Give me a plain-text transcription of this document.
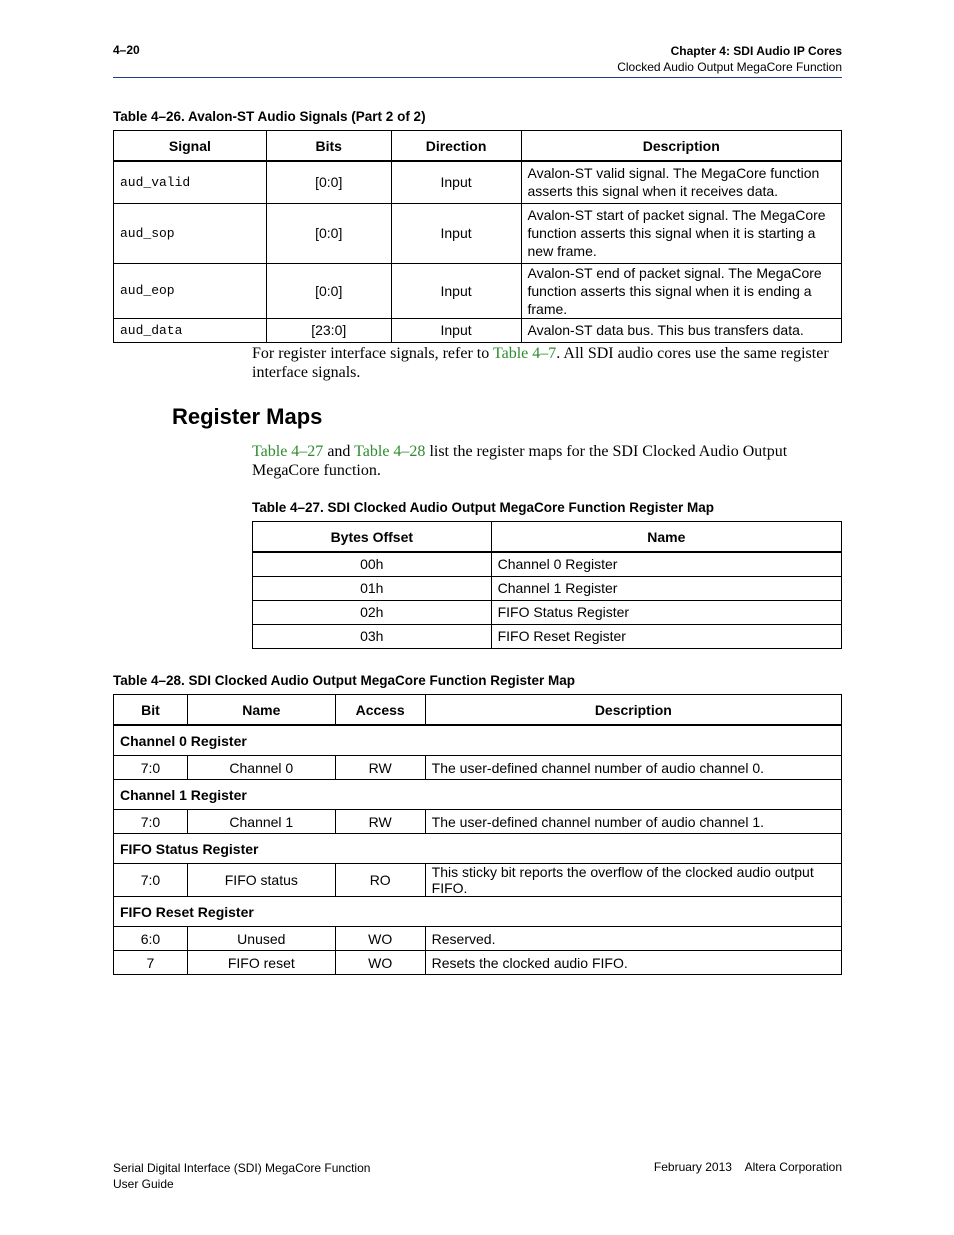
4–20	Chapter 4: SDI Audio IP Cores
Clocked Audio Output MegaCore Function
Table 4–26. Avalon-ST Audio Signals (Part 2 of 2)
Signal	Bits	Direction	Description
aud_valid	[0:0]	Input	Avalon-ST valid signal. The MegaCore function asserts this signal when it receives data.
aud_sop	[0:0]	Input	Avalon-ST start of packet signal. The MegaCore function asserts this signal when it is starting a new frame.
aud_eop	[0:0]	Input	Avalon-ST end of packet signal. The MegaCore function asserts this signal when it is ending a frame.
aud_data	[23:0]	Input	Avalon-ST data bus. This bus transfers data.
For register interface signals, refer to Table 4–7. All SDI audio cores use the same register interface signals.
Register Maps
Table 4–27 and Table 4–28 list the register maps for the SDI Clocked Audio Output MegaCore function.
Table 4–27. SDI Clocked Audio Output MegaCore Function Register Map
Bytes Offset	Name
00h	Channel 0 Register
01h	Channel 1 Register
02h	FIFO Status Register
03h	FIFO Reset Register
Table 4–28. SDI Clocked Audio Output MegaCore Function Register Map
Bit	Name	Access	Description
Channel 0 Register			
7:0	Channel 0	RW	The user-defined channel number of audio channel 0.
Channel 1 Register			
7:0	Channel 1	RW	The user-defined channel number of audio channel 1.
FIFO Status Register			
7:0	FIFO status	RO	This sticky bit reports the overflow of the clocked audio output FIFO.
FIFO Reset Register			
6:0	Unused	WO	Reserved.
7	FIFO reset	WO	Resets the clocked audio FIFO.
Serial Digital Interface (SDI) MegaCore Function
User Guide
February 2013    Altera Corporation
